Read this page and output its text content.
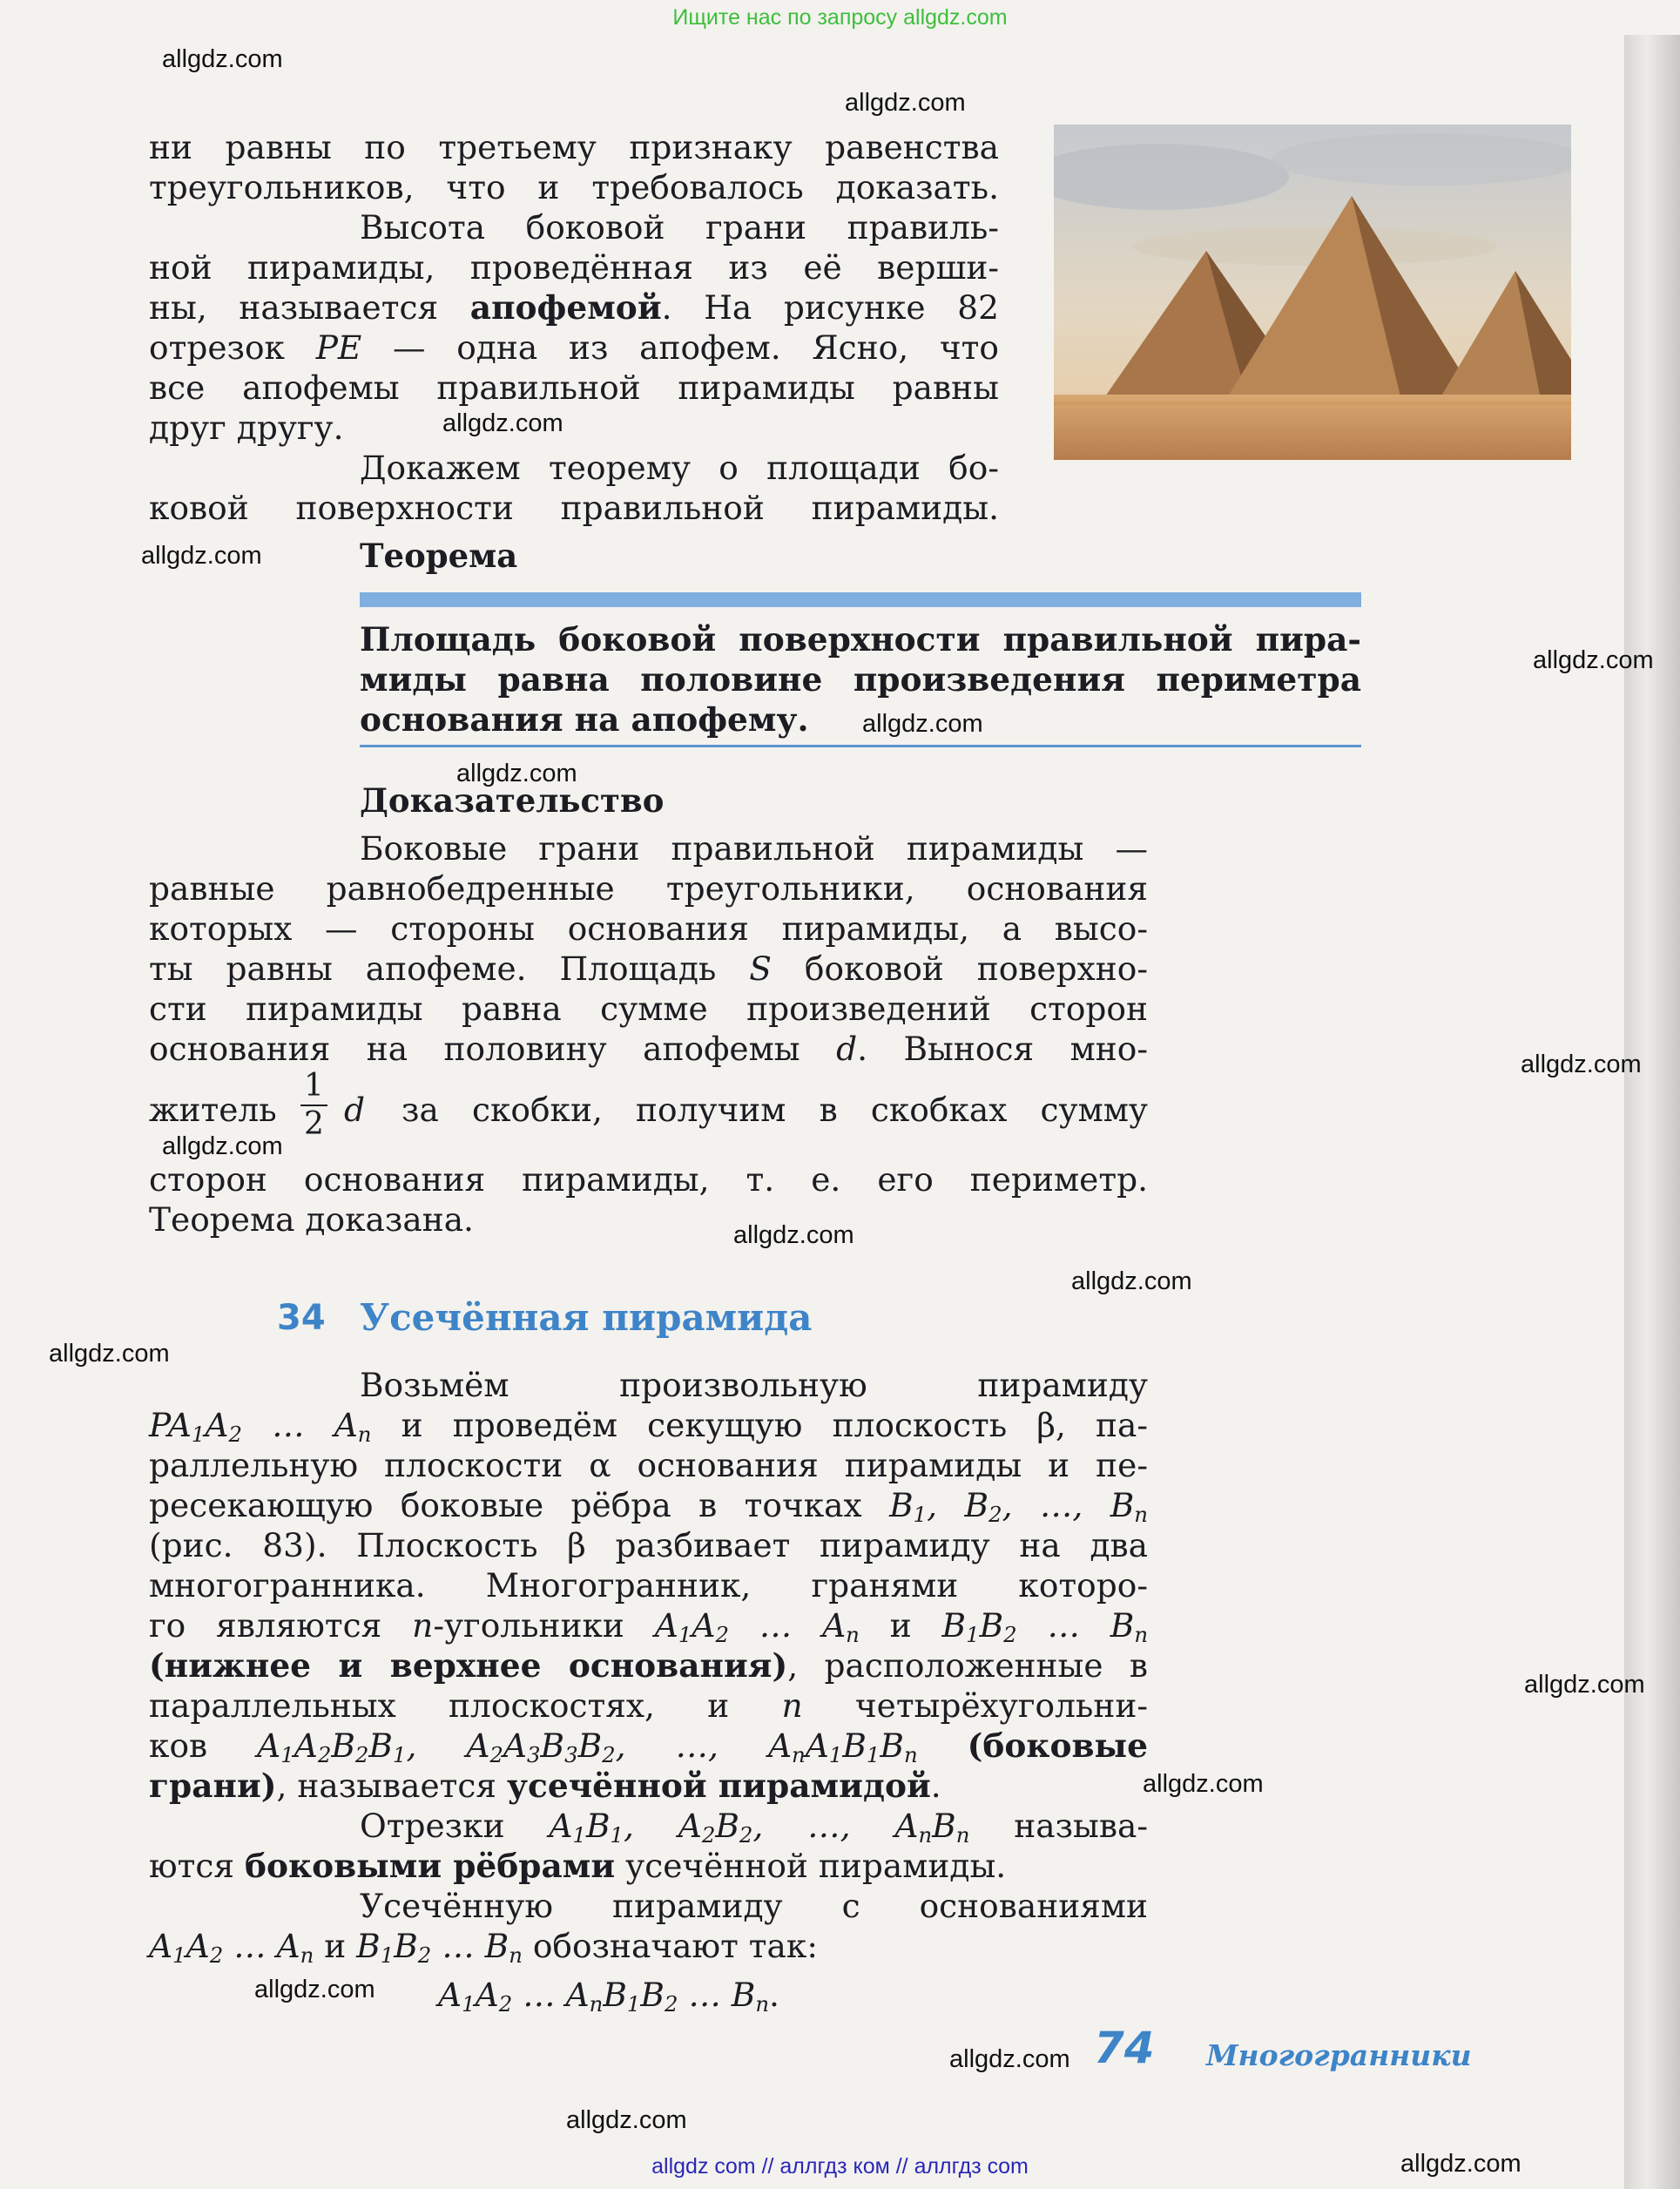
Ищите нас по запросу allgdz.com
ни равны по третьему признаку равенства
треугольников, что и требовалось доказать.
Высота боковой грани правиль-
ной пирамиды, проведённая из её верши-
ны, называется апофемой. На рисунке 82
отрезок PE — одна из апофем. Ясно, что
все апофемы правильной пирамиды равны
друг другу.
Докажем теорему о площади бо-
ковой поверхности правильной пирамиды.
Теорема
Площадь боковой поверхности правильной пира-
миды равна половине произведения периметра
основания на апофему.
Доказательство
Боковые грани правильной пирамиды —
равные равнобедренные треугольники, основания
которых — стороны основания пирамиды, а высо-
ты равны апофеме. Площадь S боковой поверхно-
сти пирамиды равна сумме произведений сторон
основания на половину апофемы d. Вынося мно-
житель $\frac{1}{2}$ d за скобки, получим в скобках сумму
сторон основания пирамиды, т. е. его периметр.
Теорема доказана.
34 Усечённая пирамида
Возьмём	произвольную	пирамиду
$PA_1A_2$ … $A_n$ и проведём секущую плоскость β, па-
раллельную плоскости α основания пирамиды и пе-
ресекающую боковые рёбра в точках $B_1$, $B_2$, …, $B_n$
(рис. 83). Плоскость β разбивает пирамиду на два
многогранника. Многогранник, гранями которо-
го являются n-угольники $A_1A_2$ … $A_n$ и $B_1B_2$ … $B_n$
(нижнее и верхнее основания), расположенные в
параллельных плоскостях, и n четырёхугольни-
ков $A_1A_2B_2B_1$, $A_2A_3B_3B_2$, …, $A_nA_1B_1B_n$ (боковые
грани), называется усечённой пирамидой.
Отрезки $A_1B_1$, $A_2B_2$, …, $A_nB_n$ называ-
ются боковыми рёбрами усечённой пирамиды.
Усечённую пирамиду с основаниями
$A_1A_2$ … $A_n$ и $B_1B_2$ … $B_n$ обозначают так:
$A_1A_2$ … $A_nB_1B_2$ … $B_n$.
74 Многогранники
allgdz.com
allgdz.com
allgdz.com
allgdz.com
allgdz.com
allgdz.com
allgdz.com
allgdz.com
allgdz.com
allgdz.com
allgdz.com
allgdz.com
allgdz.com
allgdz.com
allgdz.com
allgdz.com
allgdz.com
allgdz.com
allgdz com // аллгдз ком // аллгдз com
